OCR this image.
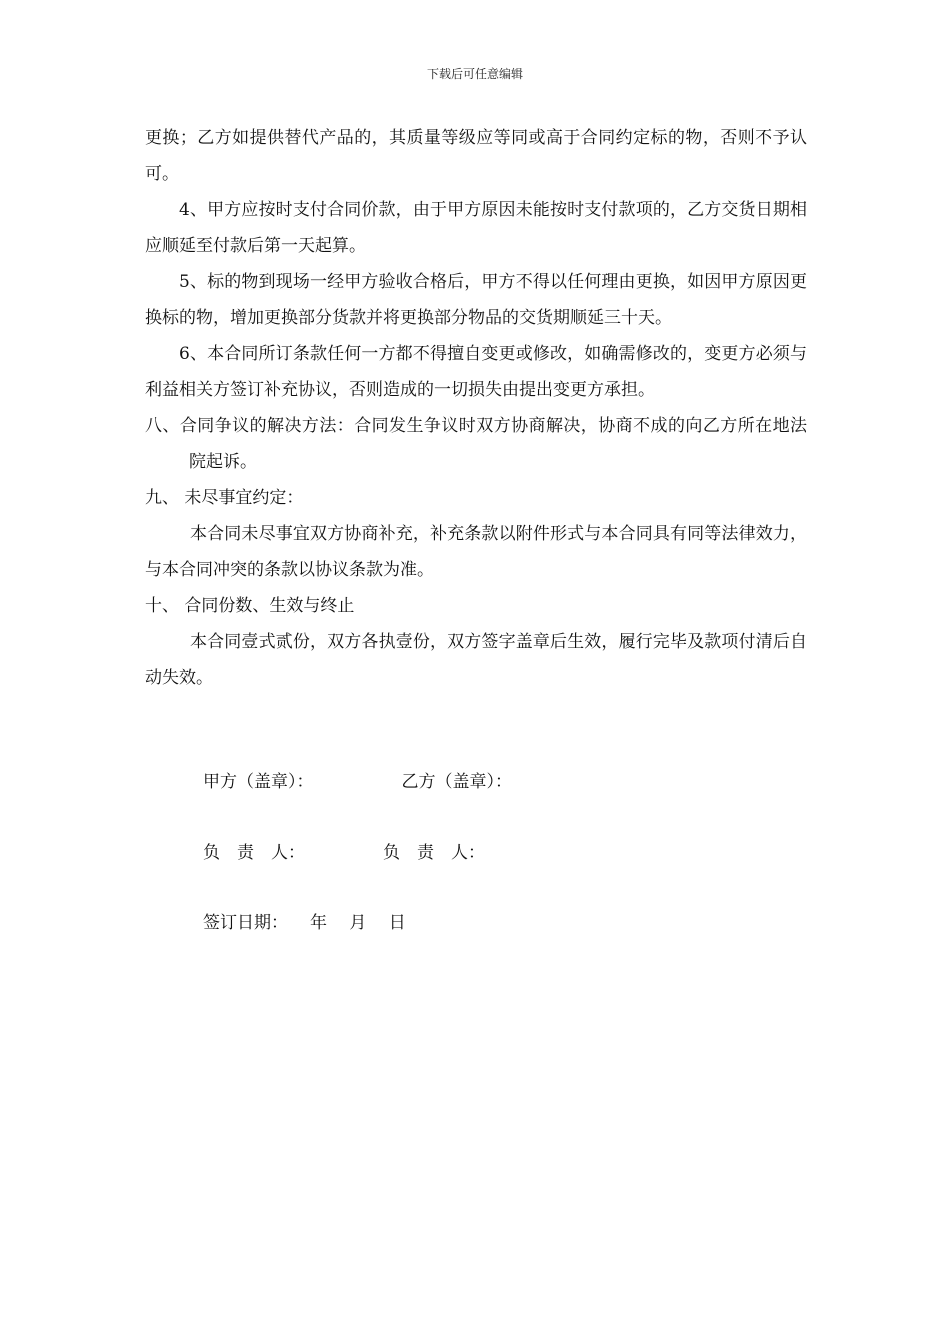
下载后可任意编辑

更换；乙方如提供替代产品的，其质量等级应等同或高于合同约定标的物，否则不予认可。

4、甲方应按时支付合同价款，由于甲方原因未能按时支付款项的，乙方交货日期相应顺延至付款后第一天起算。

5、标的物到现场一经甲方验收合格后，甲方不得以任何理由更换，如因甲方原因更换标的物，增加更换部分货款并将更换部分物品的交货期顺延三十天。

6、本合同所订条款任何一方都不得擅自变更或修改，如确需修改的，变更方必须与利益相关方签订补充协议，否则造成的一切损失由提出变更方承担。

八、合同争议的解决方法：合同发生争议时双方协商解决，协商不成的向乙方所在地法院起诉。

九、 未尽事宜约定：

本合同未尽事宜双方协商补充，补充条款以附件形式与本合同具有同等法律效力，与本合同冲突的条款以协议条款为准。

十、 合同份数、生效与终止

本合同壹式贰份，双方各执壹份，双方签字盖章后生效，履行完毕及款项付清后自动失效。

甲方（盖章）：	乙方（盖章）：
负　责　人：	负　责　人：
签订日期： 年　 月　 日
